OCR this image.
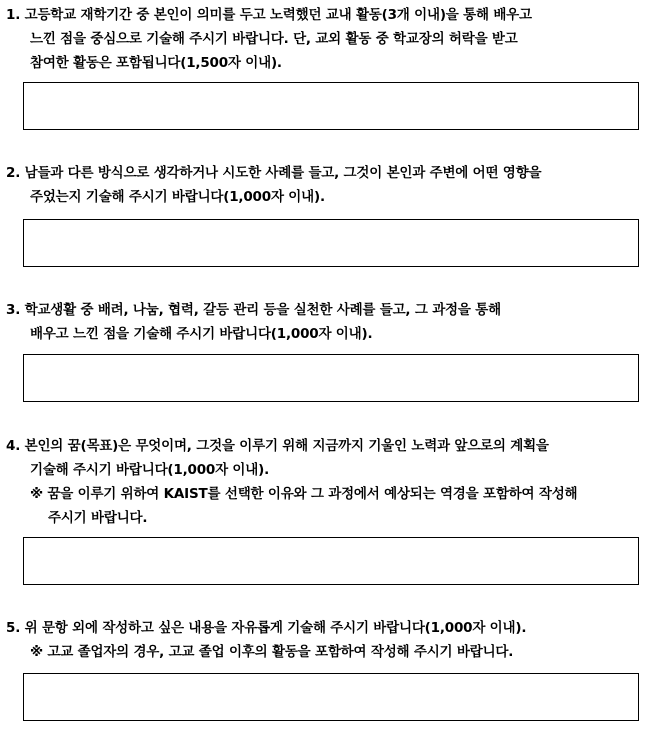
1. 고등학교 재학기간 중 본인이 의미를 두고 노력했던 교내 활동(3개 이내)을 통해 배우고
느낀 점을 중심으로 기술해 주시기 바랍니다. 단, 교외 활동 중 학교장의 허락을 받고
참여한 활동은 포함됩니다(1,500자 이내).
2. 남들과 다른 방식으로 생각하거나 시도한 사례를 들고, 그것이 본인과 주변에 어떤 영향을
주었는지 기술해 주시기 바랍니다(1,000자 이내).
3. 학교생활 중 배려, 나눔, 협력, 갈등 관리 등을 실천한 사례를 들고, 그 과정을 통해
배우고 느낀 점을 기술해 주시기 바랍니다(1,000자 이내).
4. 본인의 꿈(목표)은 무엇이며, 그것을 이루기 위해 지금까지 기울인 노력과 앞으로의 계획을
기술해 주시기 바랍니다(1,000자 이내).
※ 꿈을 이루기 위하여 KAIST를 선택한 이유와 그 과정에서 예상되는 역경을 포함하여 작성해
주시기 바랍니다.
5. 위 문항 외에 작성하고 싶은 내용을 자유롭게 기술해 주시기 바랍니다(1,000자 이내).
※ 고교 졸업자의 경우, 고교 졸업 이후의 활동을 포함하여 작성해 주시기 바랍니다.
